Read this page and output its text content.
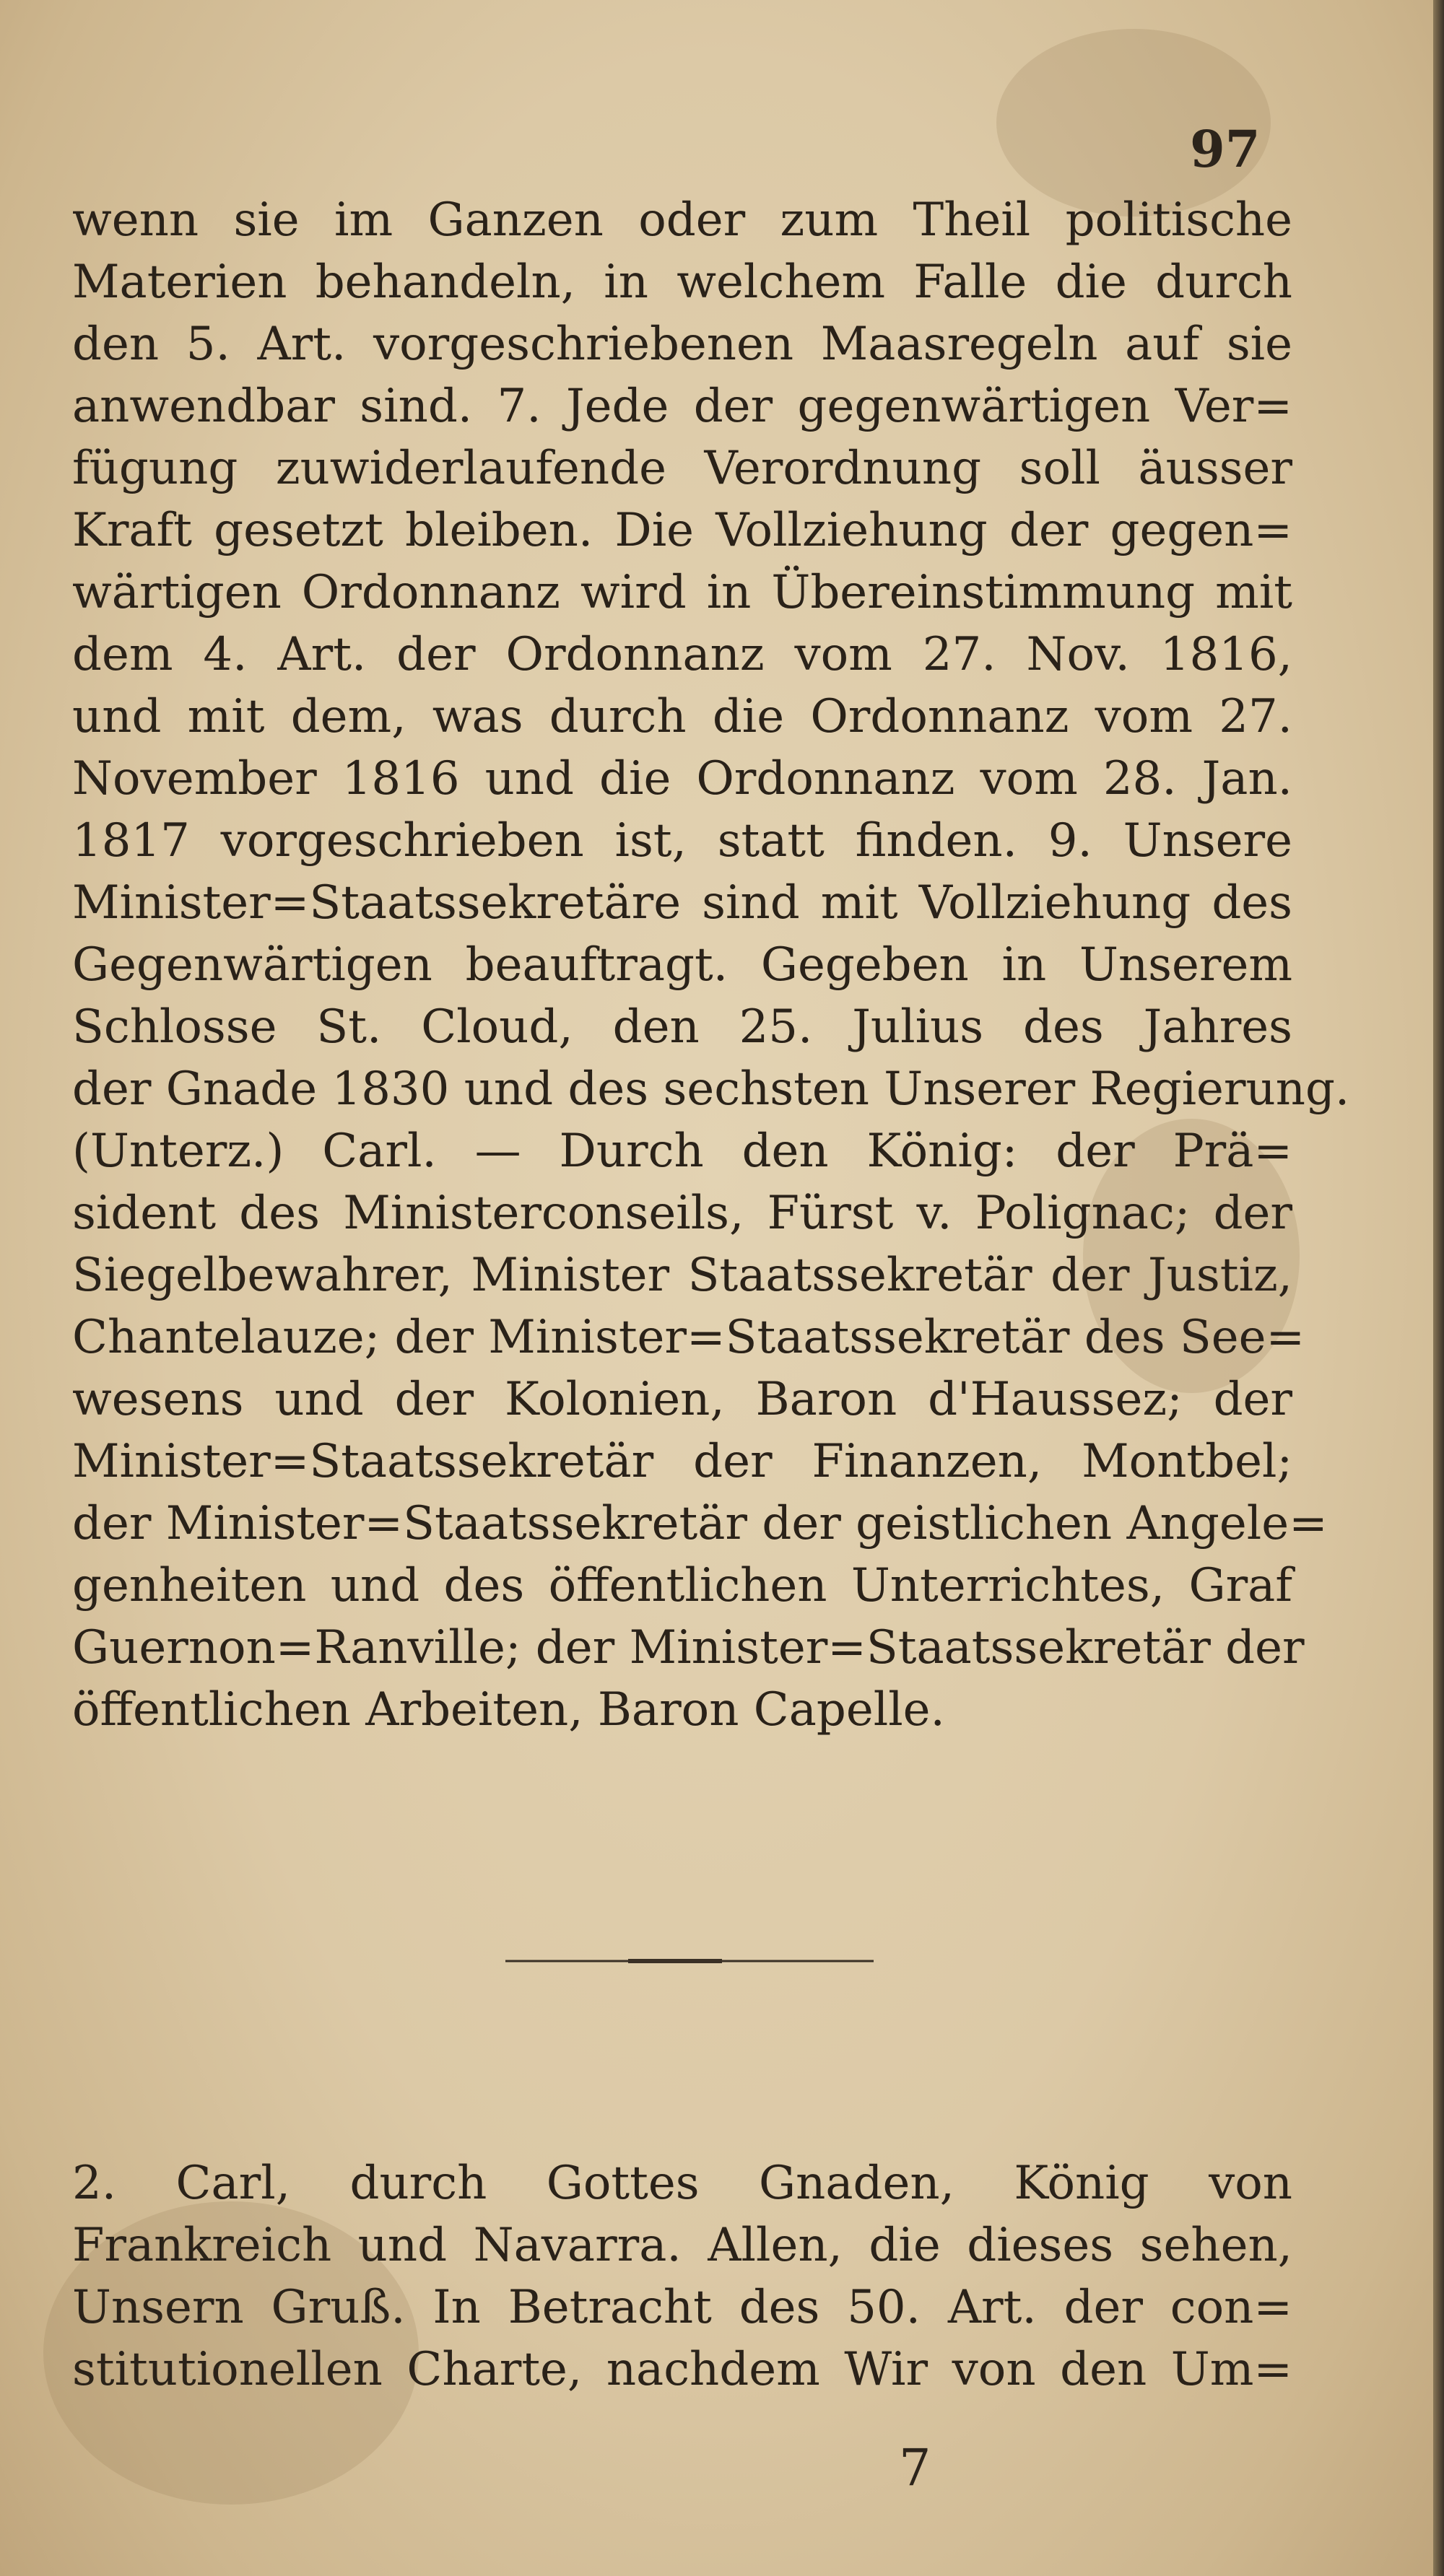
97

wenn sie im Ganzen oder zum Theil politische

Materien behandeln, in welchem Falle die durch

den 5. Art. vorgeschriebenen Maasregeln auf sie

anwendbar sind. 7. Jede der gegenwärtigen Ver=

fügung zuwiderlaufende Verordnung soll äusser

Kraft gesetzt bleiben. Die Vollziehung der gegen=

wärtigen Ordonnanz wird in Übereinstimmung mit

dem 4. Art. der Ordonnanz vom 27. Nov. 1816,

und mit dem, was durch die Ordonnanz vom 27.

November 1816 und die Ordonnanz vom 28. Jan.

1817 vorgeschrieben ist, statt finden. 9. Unsere

Minister=Staatssekretäre sind mit Vollziehung des

Gegenwärtigen beauftragt. Gegeben in Unserem

Schlosse St. Cloud, den 25. Julius des Jahres

der Gnade 1830 und des sechsten Unserer Regierung.

(Unterz.) Carl. — Durch den König: der Prä=

sident des Ministerconseils, Fürst v. Polignac; der

Siegelbewahrer, Minister Staatssekretär der Justiz,

Chantelauze; der Minister=Staatssekretär des See=

wesens und der Kolonien, Baron d'Haussez; der

Minister=Staatssekretär der Finanzen, Montbel;

der Minister=Staatssekretär der geistlichen Angele=

genheiten und des öffentlichen Unterrichtes, Graf

Guernon=Ranville; der Minister=Staatssekretär der

öffentlichen Arbeiten, Baron Capelle.

2. Carl, durch Gottes Gnaden, König von

Frankreich und Navarra. Allen, die dieses sehen,

Unsern Gruß. In Betracht des 50. Art. der con=

stitutionellen Charte, nachdem Wir von den Um=

7
